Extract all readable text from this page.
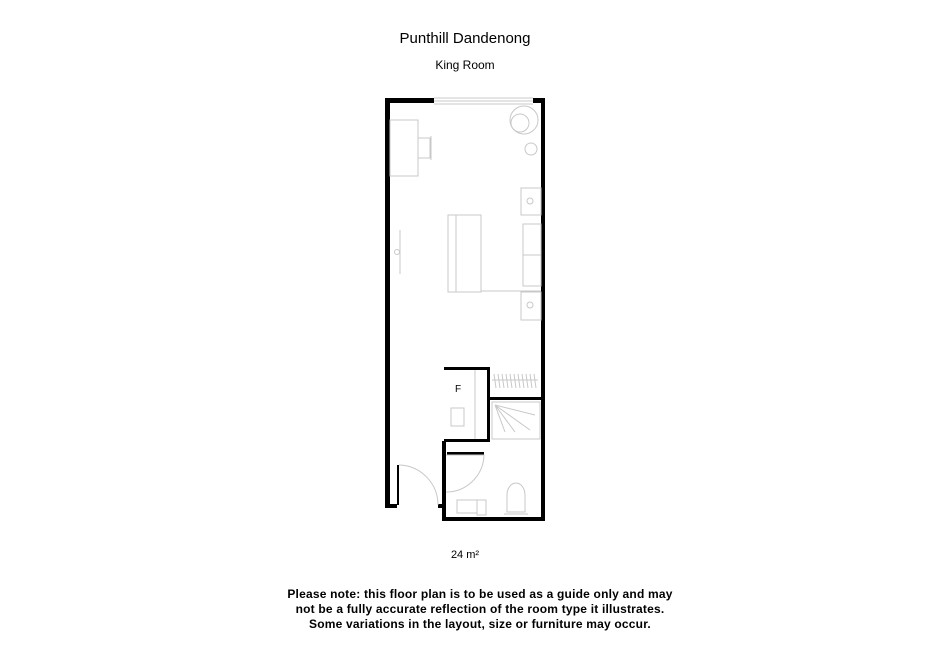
Punthill Dandenong
King Room
F
24 m²
Please note: this floor plan is to be used as a guide only and may
not be a fully accurate reflection of the room type it illustrates.
Some variations in the layout, size or furniture may occur.
